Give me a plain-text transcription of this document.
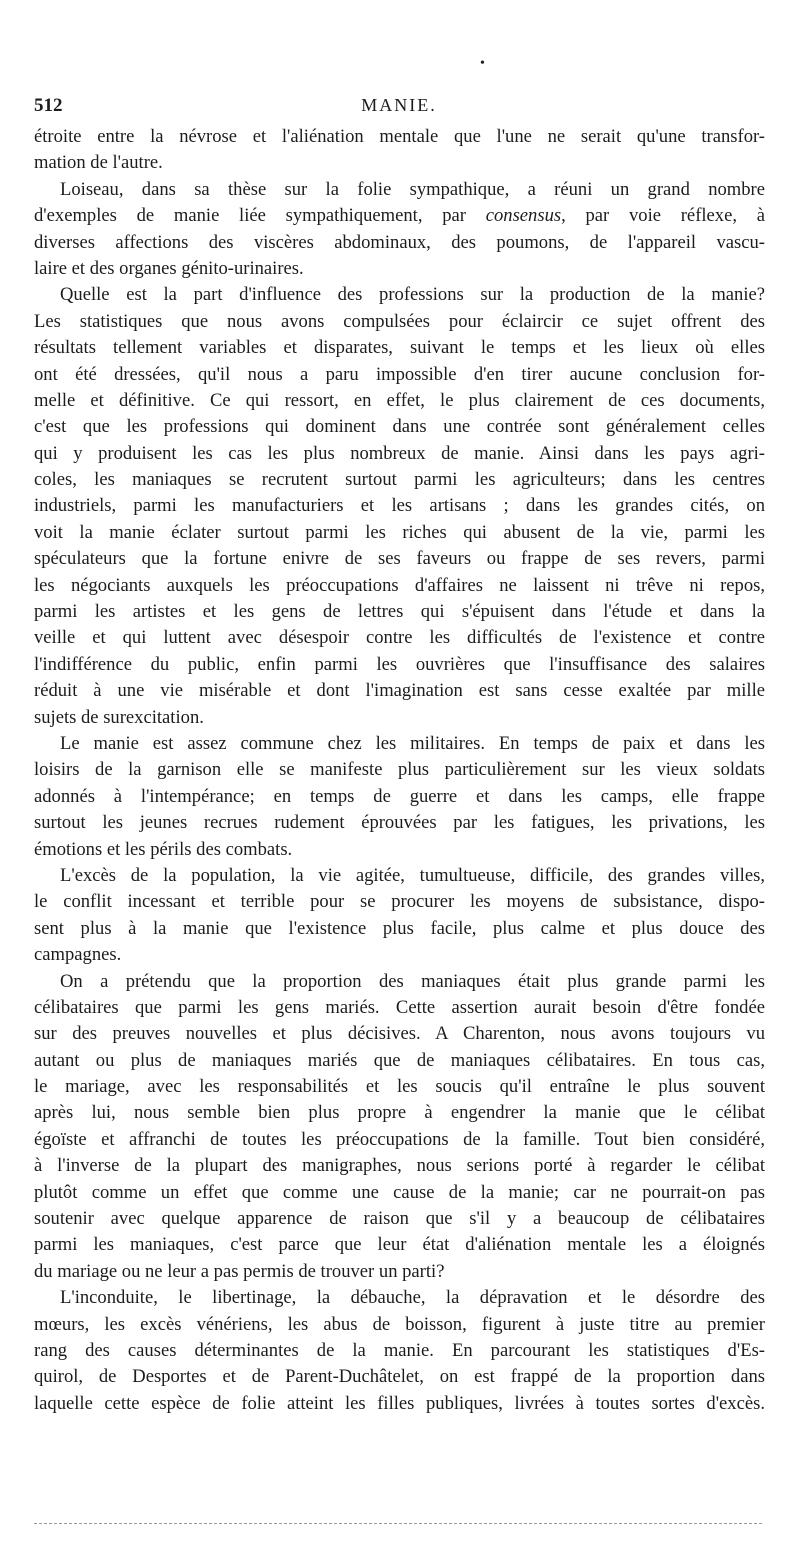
•
512	MANIE.
étroite entre la névrose et l'aliénation mentale que l'une ne serait qu'une transfor-
mation de l'autre.
Loiseau, dans sa thèse sur la folie sympathique, a réuni un grand nombre
d'exemples de manie liée sympathiquement, par consensus, par voie réflexe, à
diverses affections des viscères abdominaux, des poumons, de l'appareil vascu-
laire et des organes génito-urinaires.
Quelle est la part d'influence des professions sur la production de la manie?
Les statistiques que nous avons compulsées pour éclaircir ce sujet offrent des
résultats tellement variables et disparates, suivant le temps et les lieux où elles
ont été dressées, qu'il nous a paru impossible d'en tirer aucune conclusion for-
melle et définitive. Ce qui ressort, en effet, le plus clairement de ces documents,
c'est que les professions qui dominent dans une contrée sont généralement celles
qui y produisent les cas les plus nombreux de manie. Ainsi dans les pays agri-
coles, les maniaques se recrutent surtout parmi les agriculteurs; dans les centres
industriels, parmi les manufacturiers et les artisans ; dans les grandes cités, on
voit la manie éclater surtout parmi les riches qui abusent de la vie, parmi les
spéculateurs que la fortune enivre de ses faveurs ou frappe de ses revers, parmi
les négociants auxquels les préoccupations d'affaires ne laissent ni trêve ni repos,
parmi les artistes et les gens de lettres qui s'épuisent dans l'étude et dans la
veille et qui luttent avec désespoir contre les difficultés de l'existence et contre
l'indifférence du public, enfin parmi les ouvrières que l'insuffisance des salaires
réduit à une vie misérable et dont l'imagination est sans cesse exaltée par mille
sujets de surexcitation.
Le manie est assez commune chez les militaires. En temps de paix et dans les
loisirs de la garnison elle se manifeste plus particulièrement sur les vieux soldats
adonnés à l'intempérance; en temps de guerre et dans les camps, elle frappe
surtout les jeunes recrues rudement éprouvées par les fatigues, les privations, les
émotions et les périls des combats.
L'excès de la population, la vie agitée, tumultueuse, difficile, des grandes villes,
le conflit incessant et terrible pour se procurer les moyens de subsistance, dispo-
sent plus à la manie que l'existence plus facile, plus calme et plus douce des
campagnes.
On a prétendu que la proportion des maniaques était plus grande parmi les
célibataires que parmi les gens mariés. Cette assertion aurait besoin d'être fondée
sur des preuves nouvelles et plus décisives. A Charenton, nous avons toujours vu
autant ou plus de maniaques mariés que de maniaques célibataires. En tous cas,
le mariage, avec les responsabilités et les soucis qu'il entraîne le plus souvent
après lui, nous semble bien plus propre à engendrer la manie que le célibat
égoïste et affranchi de toutes les préoccupations de la famille. Tout bien considéré,
à l'inverse de la plupart des manigraphes, nous serions porté à regarder le célibat
plutôt comme un effet que comme une cause de la manie; car ne pourrait-on pas
soutenir avec quelque apparence de raison que s'il y a beaucoup de célibataires
parmi les maniaques, c'est parce que leur état d'aliénation mentale les a éloignés
du mariage ou ne leur a pas permis de trouver un parti?
L'inconduite, le libertinage, la débauche, la dépravation et le désordre des
mœurs, les excès vénériens, les abus de boisson, figurent à juste titre au premier
rang des causes déterminantes de la manie. En parcourant les statistiques d'Es-
quirol, de Desportes et de Parent-Duchâtelet, on est frappé de la proportion dans
laquelle cette espèce de folie atteint les filles publiques, livrées à toutes sortes d'excès.
